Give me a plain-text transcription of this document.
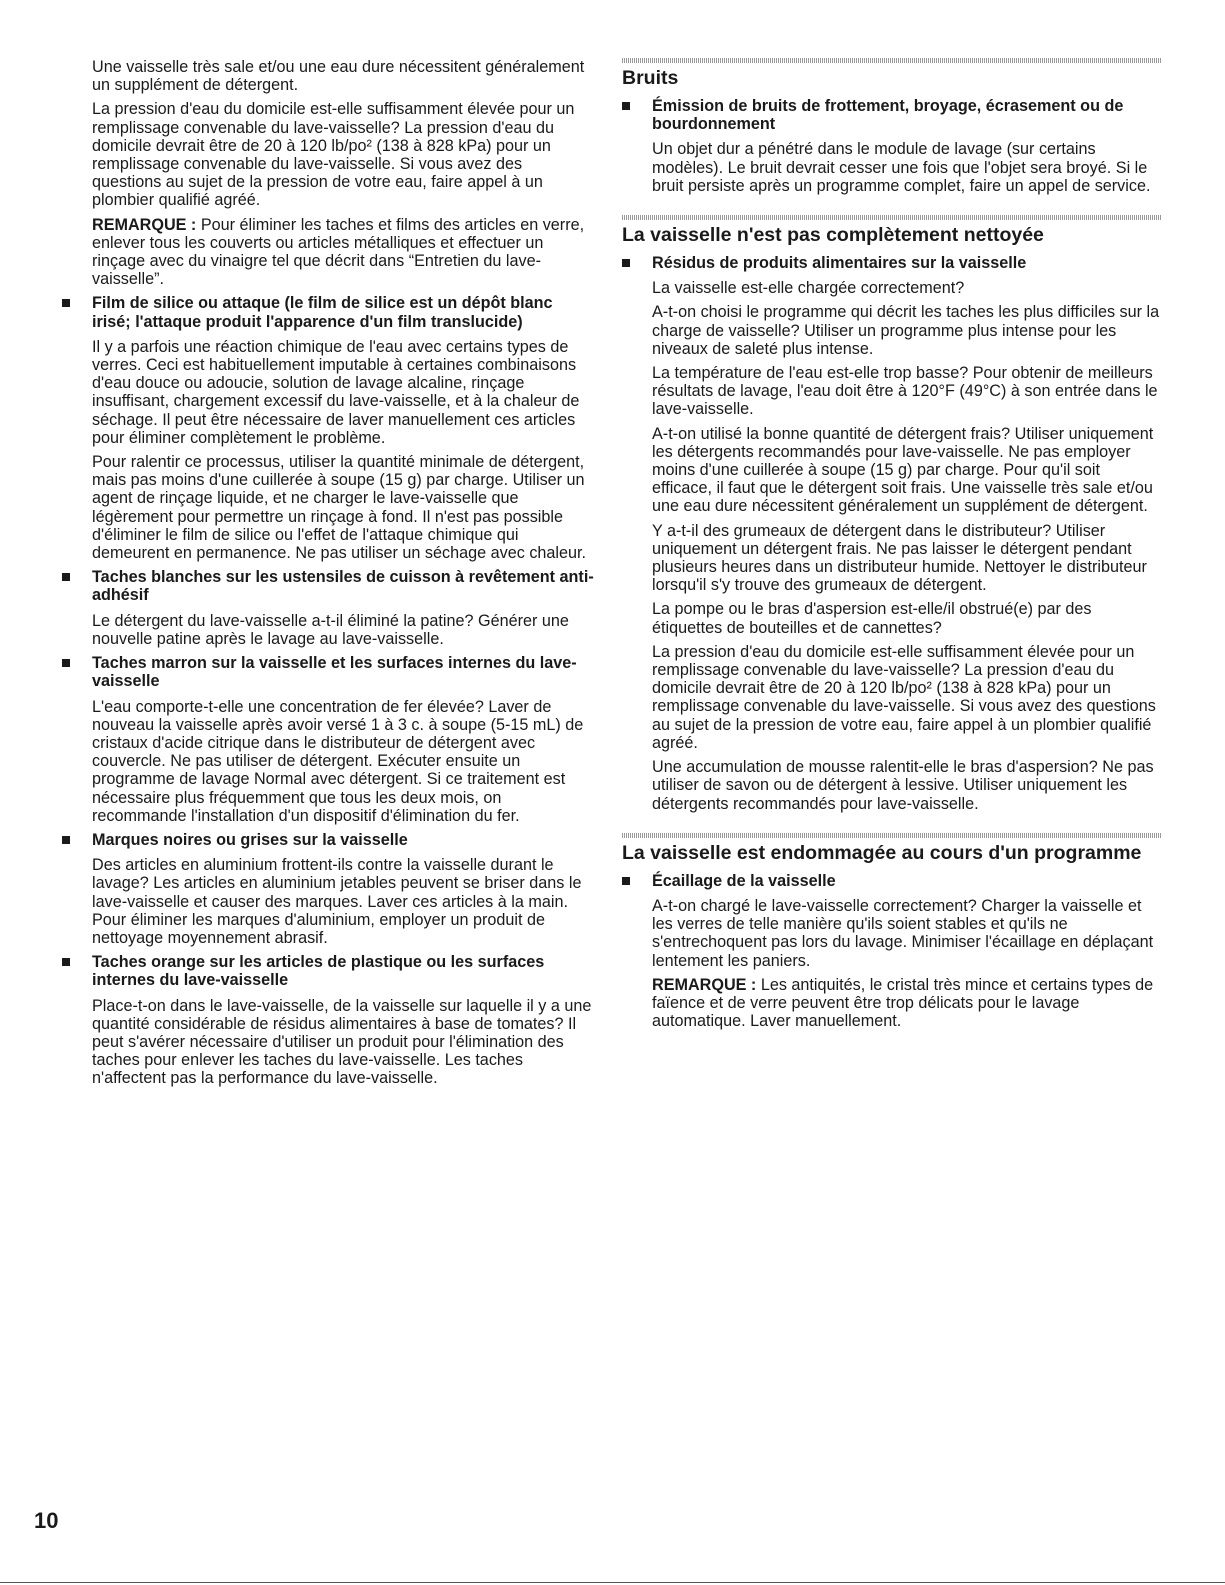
Une vaisselle très sale et/ou une eau dure nécessitent généralement un supplément de détergent.

La pression d'eau du domicile est-elle suffisamment élevée pour un remplissage convenable du lave-vaisselle? La pression d'eau du domicile devrait être de 20 à 120 lb/po² (138 à 828 kPa) pour un remplissage convenable du lave-vaisselle. Si vous avez des questions au sujet de la pression de votre eau, faire appel à un plombier qualifié agréé.

REMARQUE : Pour éliminer les taches et films des articles en verre, enlever tous les couverts ou articles métalliques et effectuer un rinçage avec du vinaigre tel que décrit dans “Entretien du lave-vaisselle”.

Film de silice ou attaque (le film de silice est un dépôt blanc irisé; l'attaque produit l'apparence d'un film translucide)

Il y a parfois une réaction chimique de l'eau avec certains types de verres. Ceci est habituellement imputable à certaines combinaisons d'eau douce ou adoucie, solution de lavage alcaline, rinçage insuffisant, chargement excessif du lave-vaisselle, et à la chaleur de séchage. Il peut être nécessaire de laver manuellement ces articles pour éliminer complètement le problème.

Pour ralentir ce processus, utiliser la quantité minimale de détergent, mais pas moins d'une cuillerée à soupe (15 g) par charge. Utiliser un agent de rinçage liquide, et ne charger le lave-vaisselle que légèrement pour permettre un rinçage à fond. Il n'est pas possible d'éliminer le film de silice ou l'effet de l'attaque chimique qui demeurent en permanence. Ne pas utiliser un séchage avec chaleur.

Taches blanches sur les ustensiles de cuisson à revêtement anti-adhésif

Le détergent du lave-vaisselle a-t-il éliminé la patine? Générer une nouvelle patine après le lavage au lave-vaisselle.

Taches marron sur la vaisselle et les surfaces internes du lave-vaisselle

L'eau comporte-t-elle une concentration de fer élevée? Laver de nouveau la vaisselle après avoir versé 1 à 3 c. à soupe (5-15 mL) de cristaux d'acide citrique dans le distributeur de détergent avec couvercle. Ne pas utiliser de détergent. Exécuter ensuite un programme de lavage Normal avec détergent. Si ce traitement est nécessaire plus fréquemment que tous les deux mois, on recommande l'installation d'un dispositif d'élimination du fer.

Marques noires ou grises sur la vaisselle

Des articles en aluminium frottent-ils contre la vaisselle durant le lavage? Les articles en aluminium jetables peuvent se briser dans le lave-vaisselle et causer des marques. Laver ces articles à la main. Pour éliminer les marques d'aluminium, employer un produit de nettoyage moyennement abrasif.

Taches orange sur les articles de plastique ou les surfaces internes du lave-vaisselle

Place-t-on dans le lave-vaisselle, de la vaisselle sur laquelle il y a une quantité considérable de résidus alimentaires à base de tomates? Il peut s'avérer nécessaire d'utiliser un produit pour l'élimination des taches pour enlever les taches du lave-vaisselle. Les taches n'affectent pas la performance du lave-vaisselle.

Bruits
Émission de bruits de frottement, broyage, écrasement ou de bourdonnement

Un objet dur a pénétré dans le module de lavage (sur certains modèles). Le bruit devrait cesser une fois que l'objet sera broyé. Si le bruit persiste après un programme complet, faire un appel de service.

La vaisselle n'est pas complètement nettoyée
Résidus de produits alimentaires sur la vaisselle

La vaisselle est-elle chargée correctement?

A-t-on choisi le programme qui décrit les taches les plus difficiles sur la charge de vaisselle? Utiliser un programme plus intense pour les niveaux de saleté plus intense.

La température de l'eau est-elle trop basse? Pour obtenir de meilleurs résultats de lavage, l'eau doit être à 120°F (49°C) à son entrée dans le lave-vaisselle.

A-t-on utilisé la bonne quantité de détergent frais? Utiliser uniquement les détergents recommandés pour lave-vaisselle. Ne pas employer moins d'une cuillerée à soupe (15 g) par charge. Pour qu'il soit efficace, il faut que le détergent soit frais. Une vaisselle très sale et/ou une eau dure nécessitent généralement un supplément de détergent.

Y a-t-il des grumeaux de détergent dans le distributeur? Utiliser uniquement un détergent frais. Ne pas laisser le détergent pendant plusieurs heures dans un distributeur humide. Nettoyer le distributeur lorsqu'il s'y trouve des grumeaux de détergent.

La pompe ou le bras d'aspersion est-elle/il obstrué(e) par des étiquettes de bouteilles et de cannettes?

La pression d'eau du domicile est-elle suffisamment élevée pour un remplissage convenable du lave-vaisselle? La pression d'eau du domicile devrait être de 20 à 120 lb/po² (138 à 828 kPa) pour un remplissage convenable du lave-vaisselle. Si vous avez des questions au sujet de la pression de votre eau, faire appel à un plombier qualifié agréé.

Une accumulation de mousse ralentit-elle le bras d'aspersion? Ne pas utiliser de savon ou de détergent à lessive. Utiliser uniquement les détergents recommandés pour lave-vaisselle.

La vaisselle est endommagée au cours d'un programme
Écaillage de la vaisselle

A-t-on chargé le lave-vaisselle correctement? Charger la vaisselle et les verres de telle manière qu'ils soient stables et qu'ils ne s'entrechoquent pas lors du lavage. Minimiser l'écaillage en déplaçant lentement les paniers.

REMARQUE : Les antiquités, le cristal très mince et certains types de faïence et de verre peuvent être trop délicats pour le lavage automatique. Laver manuellement.

10
